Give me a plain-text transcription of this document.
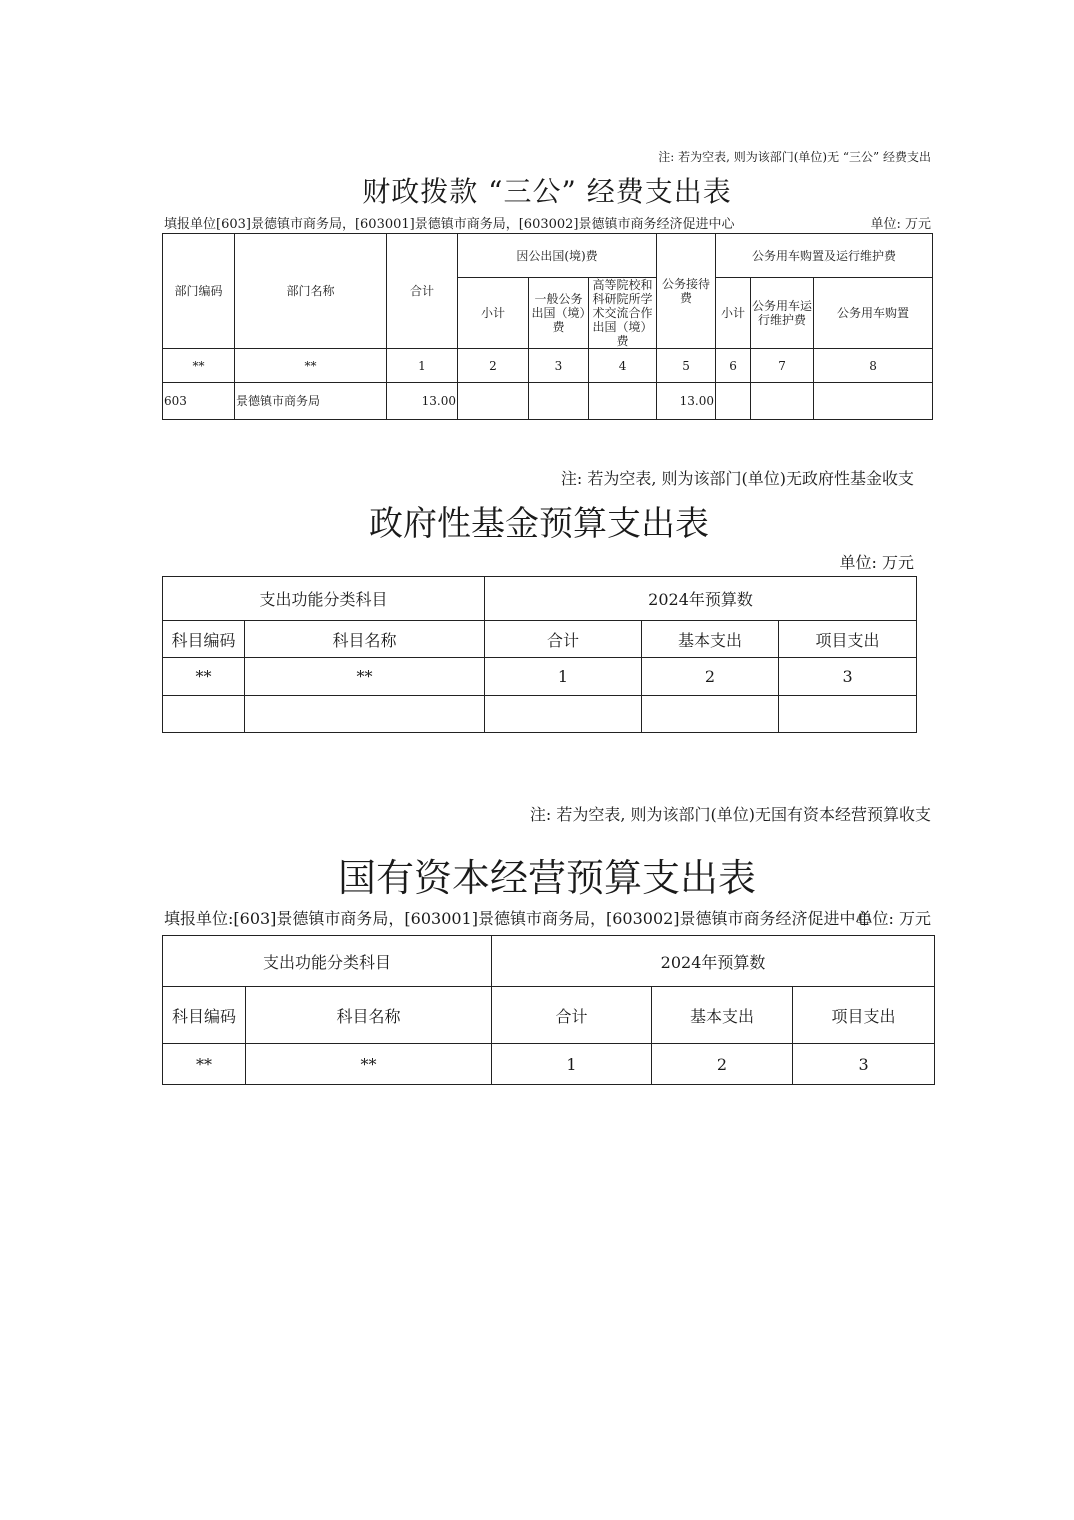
注: 若为空表, 则为该部门(单位)无 “三公” 经费支出
财政拨款 “三公” 经费支出表
填报单位[603]景德镇市商务局，[603001]景德镇市商务局，[603002]景德镇市商务经济促进中心	单位: 万元
部门编码	部门名称	合计	因公出国(境)费			公务接待费	公务用车购置及运行维护费		
			小计	一般公务出国（境）费	高等院校和科研院所学术交流合作出国（境）费		小计	公务用车运行维护费	公务用车购置
**	**	1	2	3	4	5	6	7	8
603	景德镇市商务局	13.00				13.00			
注: 若为空表, 则为该部门(单位)无政府性基金收支
政府性基金预算支出表
单位: 万元
支出功能分类科目		2024年预算数		
科目编码	科目名称	合计	基本支出	项目支出
**	**	1	2	3

注: 若为空表, 则为该部门(单位)无国有资本经营预算收支
国有资本经营预算支出表
填报单位:[603]景德镇市商务局，[603001]景德镇市商务局，[603002]景德镇市商务经济促进中心
单位: 万元
支出功能分类科目		2024年预算数		
科目编码	科目名称	合计	基本支出	项目支出
**	**	1	2	3
